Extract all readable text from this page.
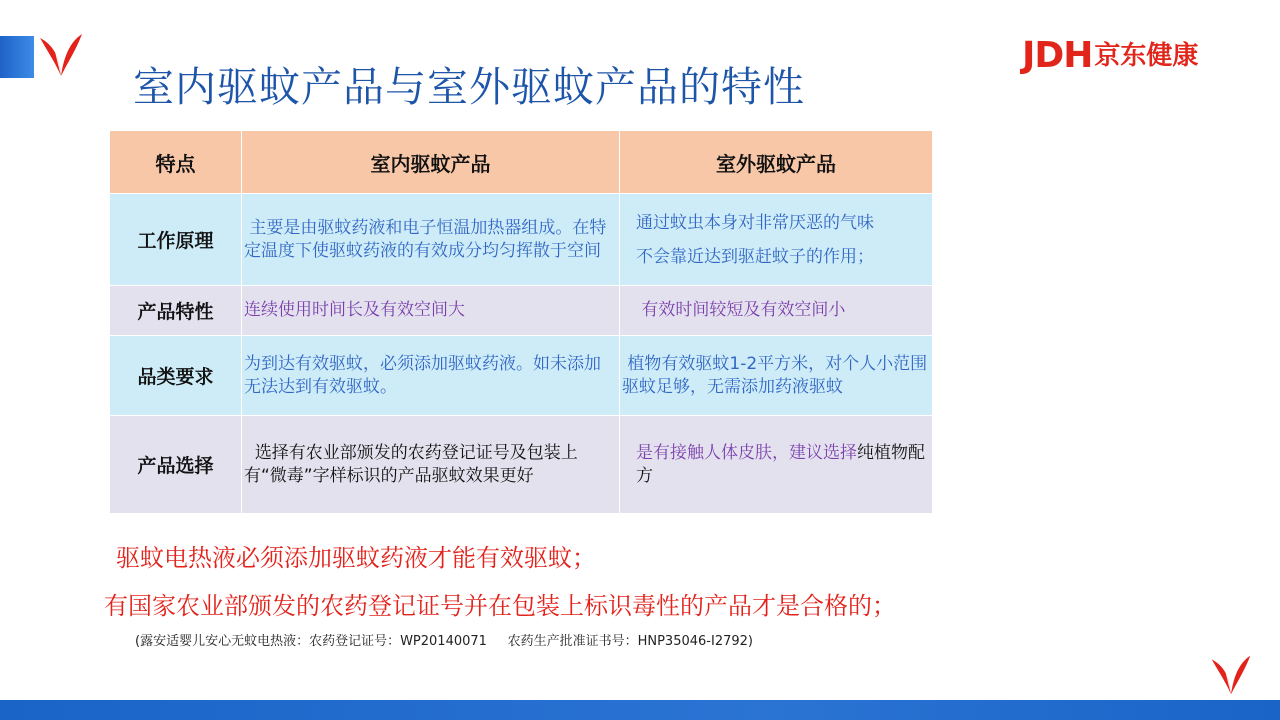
室内驱蚊产品与室外驱蚊产品的特性
JDH 京东健康
特点	室内驱蚊产品	室外驱蚊产品
工作原理	主要是由驱蚊药液和电子恒温加热器组成。在特定温度下使驱蚊药液的有效成分均匀挥散于空间	通过蚊虫本身对非常厌恶的气味
不会靠近达到驱赶蚊子的作用；
产品特性	连续使用时间长及有效空间大	有效时间较短及有效空间小
品类要求	为到达有效驱蚊，必须添加驱蚊药液。如未添加无法达到有效驱蚊。	植物有效驱蚊1-2平方米，对个人小范围驱蚊足够，无需添加药液驱蚊
产品选择	选择有农业部颁发的农药登记证号及包装上有“微毒”字样标识的产品驱蚊效果更好	是有接触人体皮肤，建议选择纯植物配 方
驱蚊电热液必须添加驱蚊药液才能有效驱蚊；
有国家农业部颁发的农药登记证号并在包装上标识毒性的产品才是合格的；
(露安适婴儿安心无蚊电热液：农药登记证号：WP20140071     农药生产批准证书号：HNP35046-I2792)
